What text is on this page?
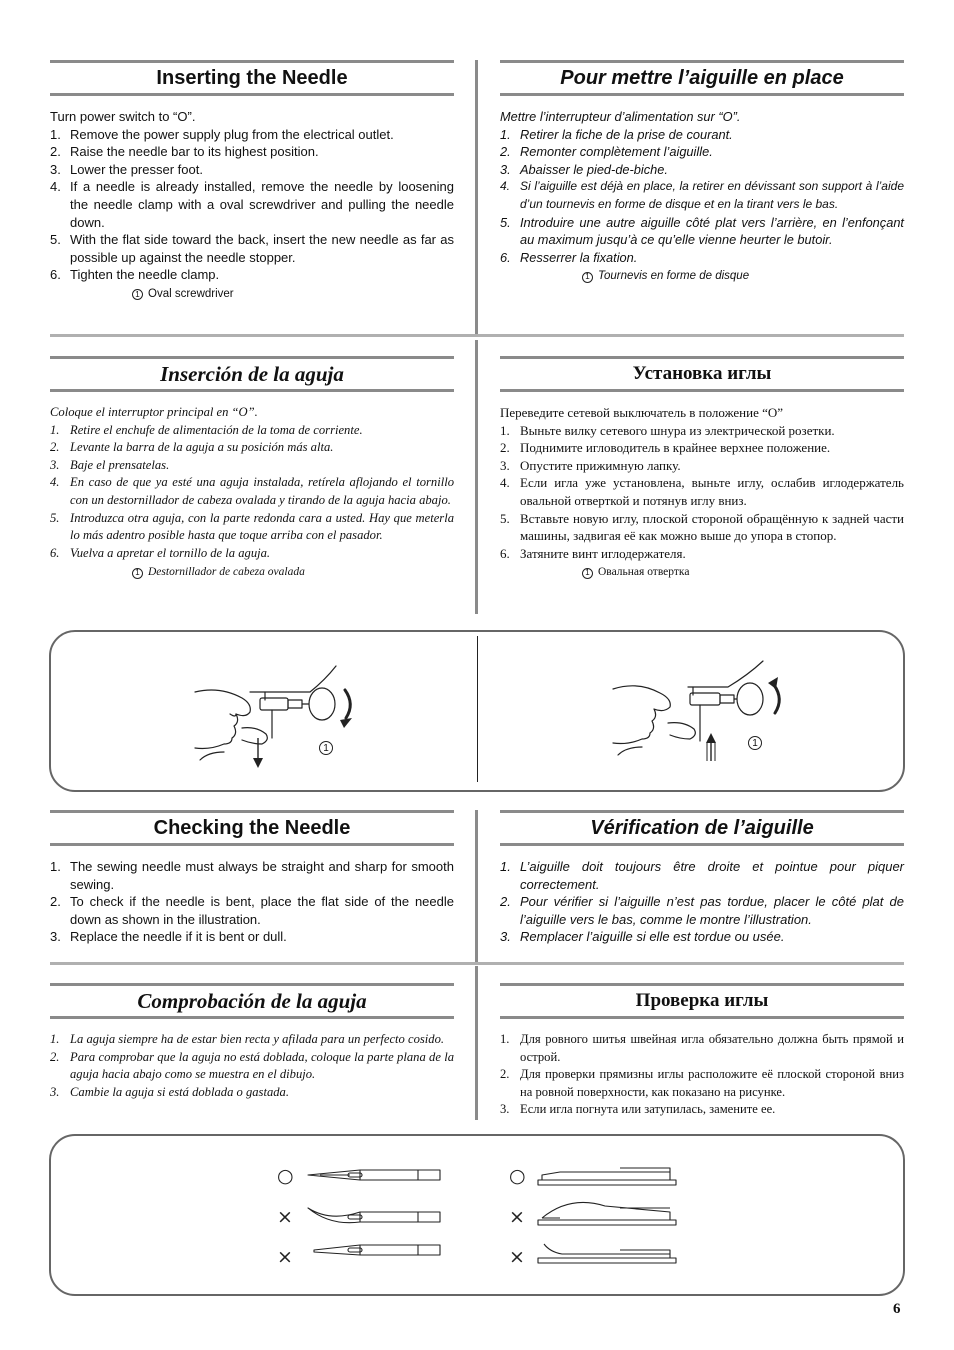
Inserting the Needle
Turn power switch to “O”.
1. Remove the power supply plug from the electrical outlet.
2. Raise the needle bar to its highest position.
3. Lower the presser foot.
4. If a needle is already installed, remove the needle by loosening the needle clamp with a oval screwdriver and pulling the needle down.
5. With the flat side toward the back, insert the new needle as far as possible up against the needle stopper.
6. Tighten the needle clamp.
1 Oval screwdriver
Pour mettre l’aiguille en place
Mettre l’interrupteur d’alimentation sur “O”.
1. Retirer la fiche de la prise de courant.
2. Remonter complètement l’aiguille.
3. Abaisser le pied-de-biche.
4. Si l’aiguille est déjà en place, la retirer en dévissant son support à l’aide d’un tournevis en forme de disque et en la tirant vers le bas.
5. Introduire une autre aiguille côté plat vers l’arrière, en l’enfonçant au maximum jusqu’à ce qu’elle vienne heurter le butoir.
6. Resserrer la fixation.
1 Tournevis en forme de disque
Inserción de la aguja
Coloque el interruptor principal en “O”.
1. Retire el enchufe de alimentación de la toma de corriente.
2. Levante la barra de la aguja a su posición más alta.
3. Baje el prensatelas.
4. En caso de que ya esté una aguja instalada, retírela aflojando el tornillo con un destornillador de cabeza ovalada y tirando de la aguja hacia abajo.
5. Introduzca otra aguja, con la parte redonda cara a usted. Hay que meterla lo más adentro posible hasta que toque arriba con el pasador.
6. Vuelva a apretar el tornillo de la aguja.
1 Destornillador de cabeza ovalada
Установка иглы
Переведите сетевой выключатель в положение “O”
1. Выньте вилку сетевого шнура из электрической розетки.
2. Поднимите игловодитель в крайнее верхнее положение.
3. Опустите прижимную лапку.
4. Если игла уже установлена, выньте иглу, ослабив иглодержатель овальной отверткой и потянув иглу вниз.
5. Вставьте новую иглу, плоской стороной обращённую к задней части машины, задвигая её как можно выше до упора в стопор.
6. Затяните винт иглодержателя.
1 Овальная отвертка
1	1
Checking the Needle
1. The sewing needle must always be straight and sharp for smooth sewing.
2. To check if the needle is bent, place the flat side of the needle down as shown in the illustration.
3. Replace the needle if it is bent or dull.
Vérification de l’aiguille
1. L’aiguille doit toujours être droite et pointue pour piquer correctement.
2. Pour vérifier si l’aiguille n’est pas tordue, placer le côté plat de l’aiguille vers le bas, comme le montre l’illustration.
3. Remplacer l’aiguille si elle est tordue ou usée.
Comprobación de la aguja
1. La aguja siempre ha de estar bien recta y afilada para un perfecto cosido.
2. Para comprobar que la aguja no está doblada, coloque la parte plana de la aguja hacia abajo como se muestra en el dibujo.
3. Cambie la aguja si está doblada o gastada.
Проверка иглы
1. Для ровного шитья швейная игла обязательно должна быть прямой и острой.
2. Для проверки прямизны иглы расположите её плоской стороной вниз на ровной поверхности, как показано на рисунке.
3. Если игла погнута или затупилась, замените ее.
○
×
×
○
×
×
6
